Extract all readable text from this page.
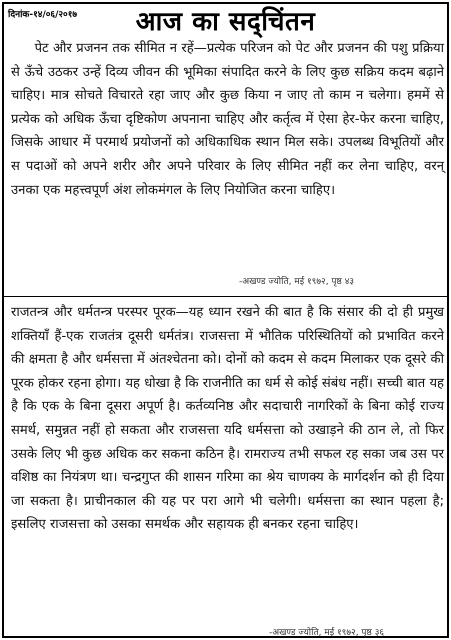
दिनांक-१४/०६/२०१७	आज का सद्‌चिंतन

पेट और प्रजनन तक सीमित न रहें—प्रत्येक परिजन को पेट और प्रजनन की पशु प्रक्रिया से ऊँचे उठकर उन्हें दिव्य जीवन की भूमिका संपादित करने के लिए कुछ सक्रिय कदम बढ़ाने चाहिए। मात्र सोचते विचारते रहा जाए और कुछ किया न जाए तो काम न चलेगा। हममें से प्रत्येक को अधिक ऊँचा दृष्टिकोण अपनाना चाहिए और कर्तृत्व में ऐसा हेर-फेर करना चाहिए, जिसके आधार में परमार्थ प्रयोजनों को अधिकाधिक स्थान मिल सके। उपलब्ध विभूतियों और स पदाओं को अपने शरीर और अपने परिवार के लिए सीमित नहीं कर लेना चाहिए, वरन्‌ उनका एक महत्त्वपूर्ण अंश लोकमंगल के लिए नियोजित करना चाहिए।

-अखण्ड ज्योति, मई १९७२, पृष्ठ ४३

राजतन्त्र और धर्मतन्त्र परस्पर पूरक—यह ध्यान रखने की बात है कि संसार की दो ही प्रमुख शक्तियाँ हैं-एक राजतंत्र दूसरी धर्मतंत्र। राजसत्ता में भौतिक परिस्थितियों को प्रभावित करने की क्षमता है और धर्मसत्ता में अंतश्चेतना को। दोनों को कदम से कदम मिलाकर एक दूसरे की पूरक होकर रहना होगा। यह धोखा है कि राजनीति का धर्म से कोई संबंध नहीं। सच्ची बात यह है कि एक के बिना दूसरा अपूर्ण है। कर्तव्यनिष्ठ और सदाचारी नागरिकों के बिना कोई राज्य समर्थ, समुन्नत नहीं हो सकता और राजसत्ता यदि धर्मसत्ता को उखाड़ने की ठान ले, तो फिर उसके लिए भी कुछ अधिक कर सकना कठिन है। रामराज्य तभी सफल रह सका जब उस पर वशिष्ठ का नियंत्रण था। चन्द्रगुप्त की शासन गरिमा का श्रेय चाणक्य के मार्गदर्शन को ही दिया जा सकता है। प्राचीनकाल की यह पर परा आगे भी चलेगी। धर्मसत्ता का स्थान पहला है; इसलिए राजसत्ता को उसका समर्थक और सहायक ही बनकर रहना चाहिए।

-अखण्ड ज्योति, मई १९७२, पृष्ठ ३६
